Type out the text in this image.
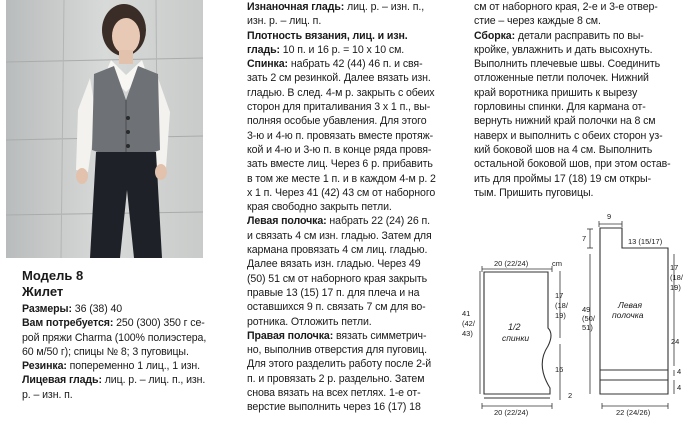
Модель 8
Жилет

Размеры: 36 (38) 40

Вам потребуется: 250 (300) 350 г се-

рой пряжи Charma (100% полиэстера,

60 м/50 г); спицы № 8; 3 пуговицы.

Резинка: попеременно 1 лиц., 1 изн.

Лицевая гладь: лиц. р. – лиц. п., изн.

р. – изн. п.

Изнаночная гладь: лиц. р. – изн. п.,

изн. р. – лиц. п.

Плотность вязания, лиц. и изн.

гладь: 10 п. и 16 р. = 10 х 10 см.

Спинка: набрать 42 (44) 46 п. и свя-

зать 2 см резинкой. Далее вязать изн.

гладью. В след. 4-м р. закрыть с обеих

сторон для приталивания 3 х 1 п., вы-

полняя особые убавления. Для этого

3-ю и 4-ю п. провязать вместе протяж-

кой и 4-ю и 3-ю п. в конце ряда провя-

зать вместе лиц. Через 6 р. прибавить

в том же месте 1 п. и в каждом 4-м р. 2

х 1 п. Через 41 (42) 43 см от наборного

края свободно закрыть петли.

Левая полочка: набрать 22 (24) 26 п.

и связать 4 см изн. гладью. Затем для

кармана провязать 4 см лиц. гладью.

Далее вязать изн. гладью. Через 49

(50) 51 см от наборного края закрыть

правые 13 (15) 17 п. для плеча и на

оставшихся 9 п. связать 7 см для во-

ротника. Отложить петли.

Правая полочка: вязать симметрич-

но, выполнив отверстия для пуговиц.

Для этого разделить работу после 2-й

п. и провязать 2 р. раздельно. Затем

снова вязать на всех петлях. 1-е от-

верстие выполнить через 16 (17) 18

см от наборного края, 2-е и 3-е отвер-

стие – через каждые 8 см.

Сборка: детали расправить по вы-

кройке, увлажнить и дать высохнуть.

Выполнить плечевые швы. Соединить

отложенные петли полочек. Нижний

край воротника пришить к вырезу

горловины спинки. Для кармана от-

вернуть нижний край полочки на 8 см

наверх и выполнить с обеих сторон уз-

кий боковой шов на 4 см. Выполнить

остальной боковой шов, при этом остав-

ить для проймы 17 (18) 19 см откры-

тым. Пришить пуговицы.

20 (22/24)	cm
41
(42/
43)
17
(18/
19)
1/2
спинки
16
2
20 (22/24)
9
7	13 (15/17)
49
(50/
51)
17
(18/
19)
Левая
полочка
24
4
4
22 (24/26)
